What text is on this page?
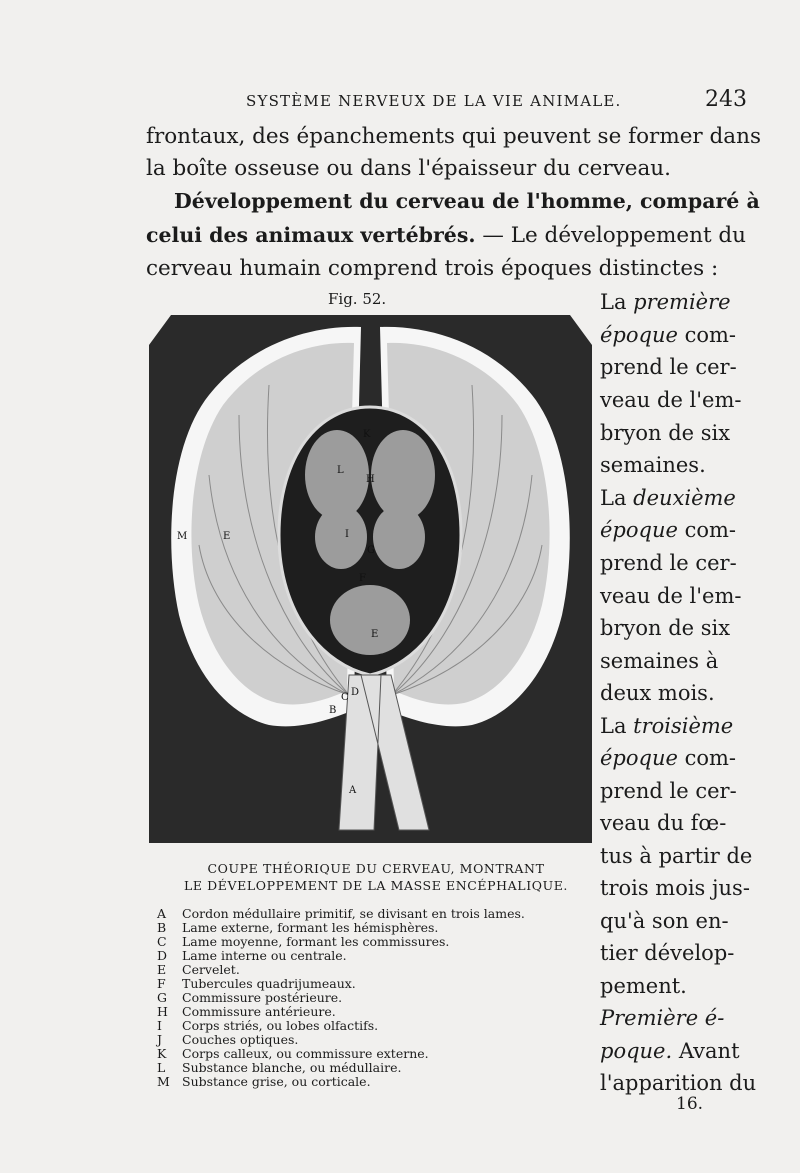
SYSTÈME NERVEUX DE LA VIE ANIMALE.	243
frontaux, des épanchements qui peuvent se former dans
la boîte osseuse ou dans l'épaisseur du cerveau.
Développement du cerveau de l'homme, comparé à
celui des animaux vertébrés. — Le développement du
cerveau humain comprend trois époques distinctes :
Fig. 52.
K
L
H
M	E	I
G
F
E
D
C
B
A
COUPE THÉORIQUE DU CERVEAU, MONTRANT
LE DÉVELOPPEMENT DE LA MASSE ENCÉPHALIQUE.
A Cordon médullaire primitif, se divisant en trois lames.
B Lame externe, formant les hémisphères.
C Lame moyenne, formant les commissures.
D Lame interne ou centrale.
E Cervelet.
F Tubercules quadrijumeaux.
G Commissure postérieure.
H Commissure antérieure.
I Corps striés, ou lobes olfactifs.
J Couches optiques.
K Corps calleux, ou commissure externe.
L Substance blanche, ou médullaire.
M Substance grise, ou corticale.
La première
époque com-
prend le cer-
veau de l'em-
bryon de six
semaines.
La deuxième
époque com-
prend le cer-
veau de l'em-
bryon de six
semaines à
deux mois.
La troisième
époque com-
prend le cer-
veau du fœ-
tus à partir de
trois mois jus-
qu'à son en-
tier dévelop-
pement.
Première é-
poque. Avant
l'apparition du
16.
